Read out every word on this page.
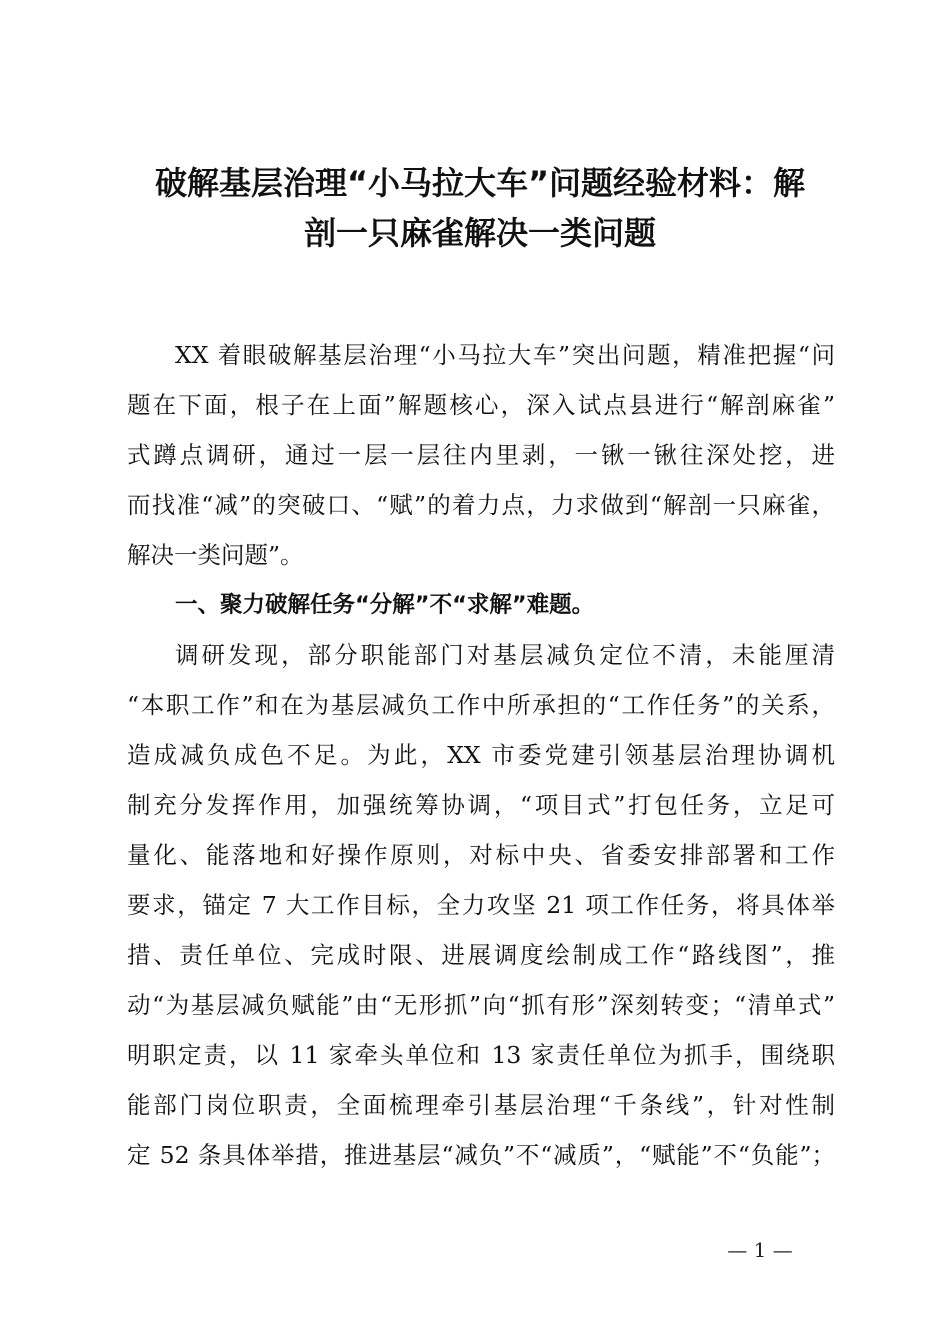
破解基层治理“小马拉大车”问题经验材料：解
剖一只麻雀解决一类问题
XX 着眼破解基层治理“小马拉大车”突出问题，精准把握“问
题在下面，根子在上面”解题核心，深入试点县进行“解剖麻雀”
式蹲点调研，通过一层一层往内里剥，一锹一锹往深处挖，进
而找准“减”的突破口、“赋”的着力点，力求做到“解剖一只麻雀，
解决一类问题”。
一、聚力破解任务“分解”不“求解”难题。
调研发现，部分职能部门对基层减负定位不清，未能厘清
“本职工作”和在为基层减负工作中所承担的“工作任务”的关系，
造成减负成色不足。为此，XX 市委党建引领基层治理协调机
制充分发挥作用，加强统筹协调，“项目式”打包任务，立足可
量化、能落地和好操作原则，对标中央、省委安排部署和工作
要求，锚定 7 大工作目标，全力攻坚 21 项工作任务，将具体举
措、责任单位、完成时限、进展调度绘制成工作“路线图”，推
动“为基层减负赋能”由“无形抓”向“抓有形”深刻转变；“清单式”
明职定责，以 11 家牵头单位和 13 家责任单位为抓手，围绕职
能部门岗位职责，全面梳理牵引基层治理“千条线”，针对性制
定 52 条具体举措，推进基层“减负”不“减质”，“赋能”不“负能”；
— 1 —
